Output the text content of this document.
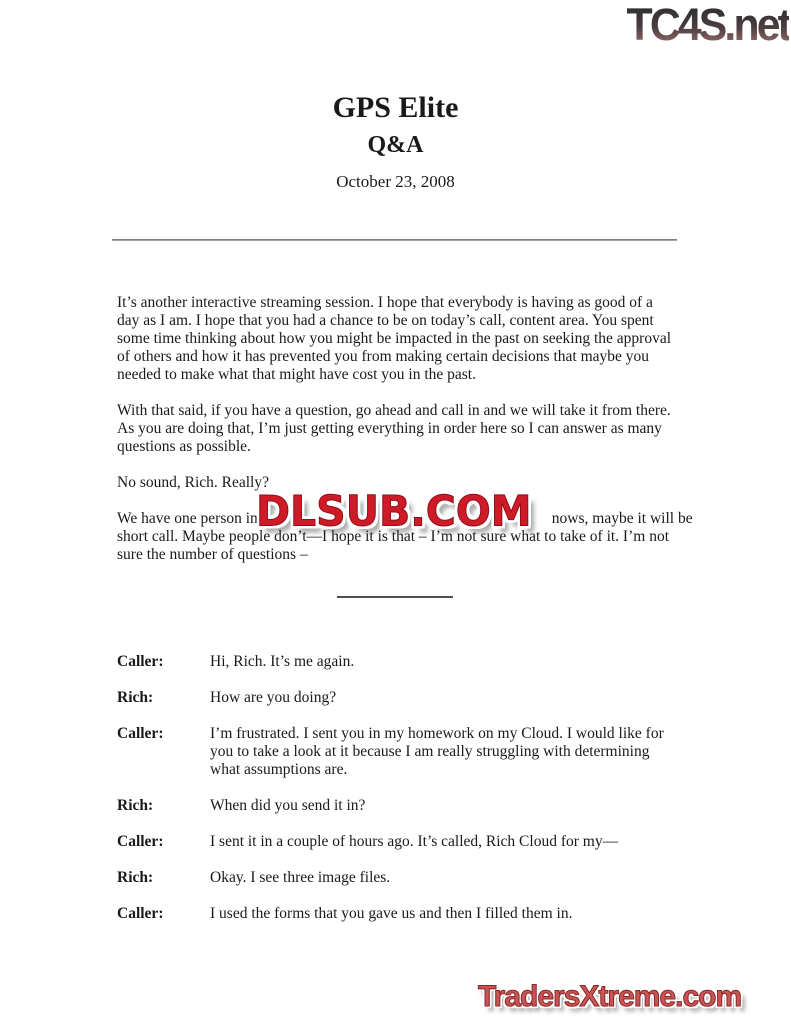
TC4S.net
GPS Elite
Q&A
October 23, 2008

It’s another interactive streaming session. I hope that everybody is having as good of a day as I am. I hope that you had a chance to be on today’s call, content area. You spent some time thinking about how you might be impacted in the past on seeking the approval of others and how it has prevented you from making certain decisions that maybe you needed to make what that might have cost you in the past.

With that said, if you have a question, go ahead and call in and we will take it from there. As you are doing that, I’m just getting everything in order here so I can answer as many questions as possible.

No sound, Rich. Really?

We have one person in	nows, maybe it will be
short call. Maybe people don’t—I hope it is that – I’m not sure what to take of it. I’m not sure the number of questions –

DLSUB.COM
Caller:	Hi, Rich. It’s me again.
Rich:	How are you doing?
Caller:	I’m frustrated. I sent you in my homework on my Cloud. I would like for you to take a look at it because I am really struggling with determining what assumptions are.
Rich:	When did you send it in?
Caller:	I sent it in a couple of hours ago. It’s called, Rich Cloud for my—
Rich:	Okay. I see three image files.
Caller:	I used the forms that you gave us and then I filled them in.
TradersXtreme.com
